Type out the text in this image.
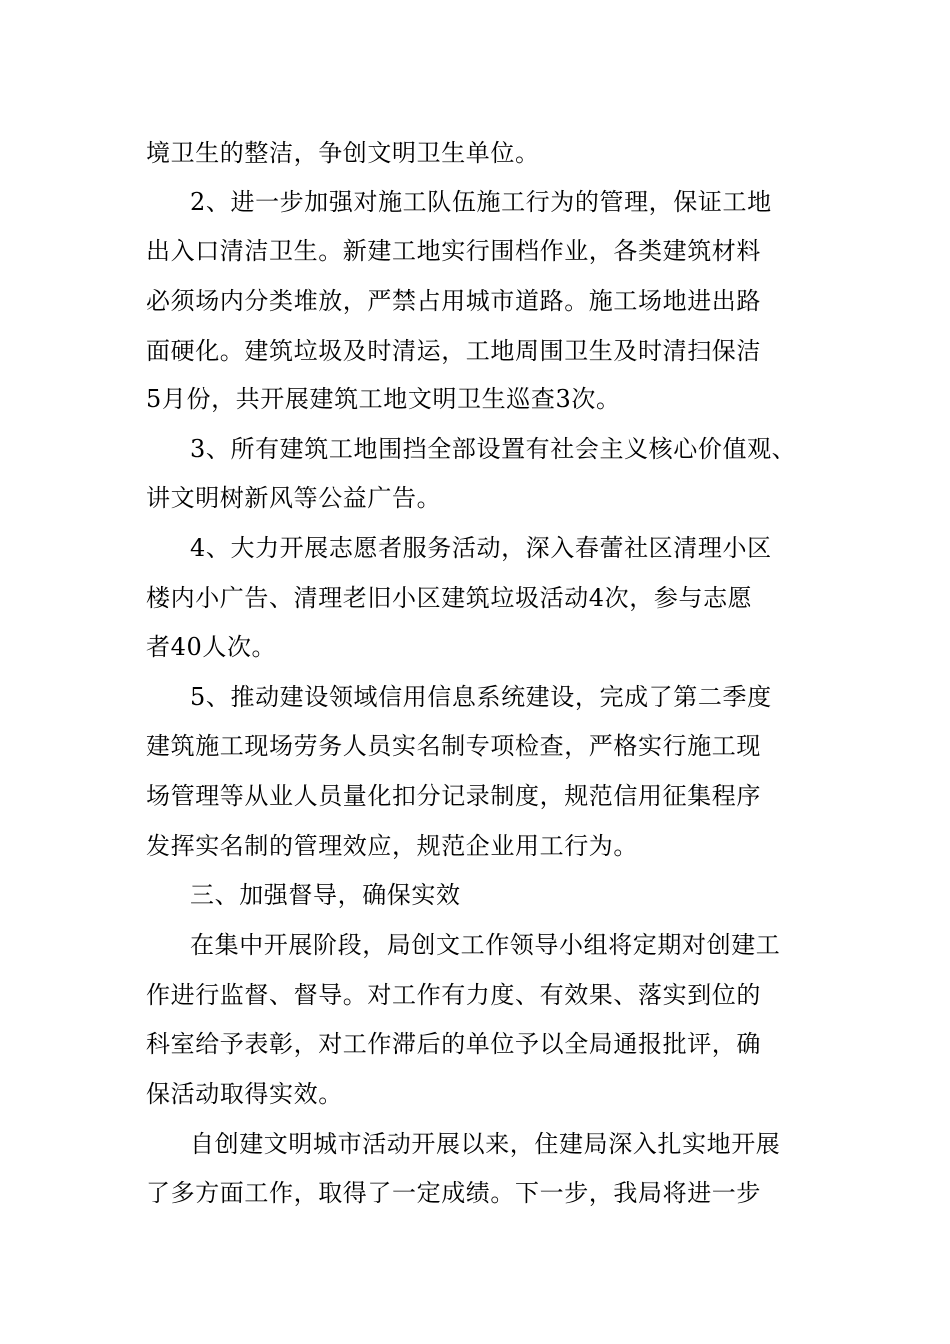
境卫生的整洁，争创文明卫生单位。
2、进一步加强对施工队伍施工行为的管理，保证工地
出入口清洁卫生。新建工地实行围档作业，各类建筑材料
必须场内分类堆放，严禁占用城市道路。施工场地进出路
面硬化。建筑垃圾及时清运，工地周围卫生及时清扫保洁
5月份，共开展建筑工地文明卫生巡查3次。
3、所有建筑工地围挡全部设置有社会主义核心价值观、
讲文明树新风等公益广告。
4、大力开展志愿者服务活动，深入春蕾社区清理小区
楼内小广告、清理老旧小区建筑垃圾活动4次，参与志愿
者40人次。
5、推动建设领域信用信息系统建设，完成了第二季度
建筑施工现场劳务人员实名制专项检查，严格实行施工现
场管理等从业人员量化扣分记录制度，规范信用征集程序
发挥实名制的管理效应，规范企业用工行为。
三、加强督导，确保实效
在集中开展阶段，局创文工作领导小组将定期对创建工
作进行监督、督导。对工作有力度、有效果、落实到位的
科室给予表彰，对工作滞后的单位予以全局通报批评，确
保活动取得实效。
自创建文明城市活动开展以来，住建局深入扎实地开展
了多方面工作，取得了一定成绩。下一步，我局将进一步
